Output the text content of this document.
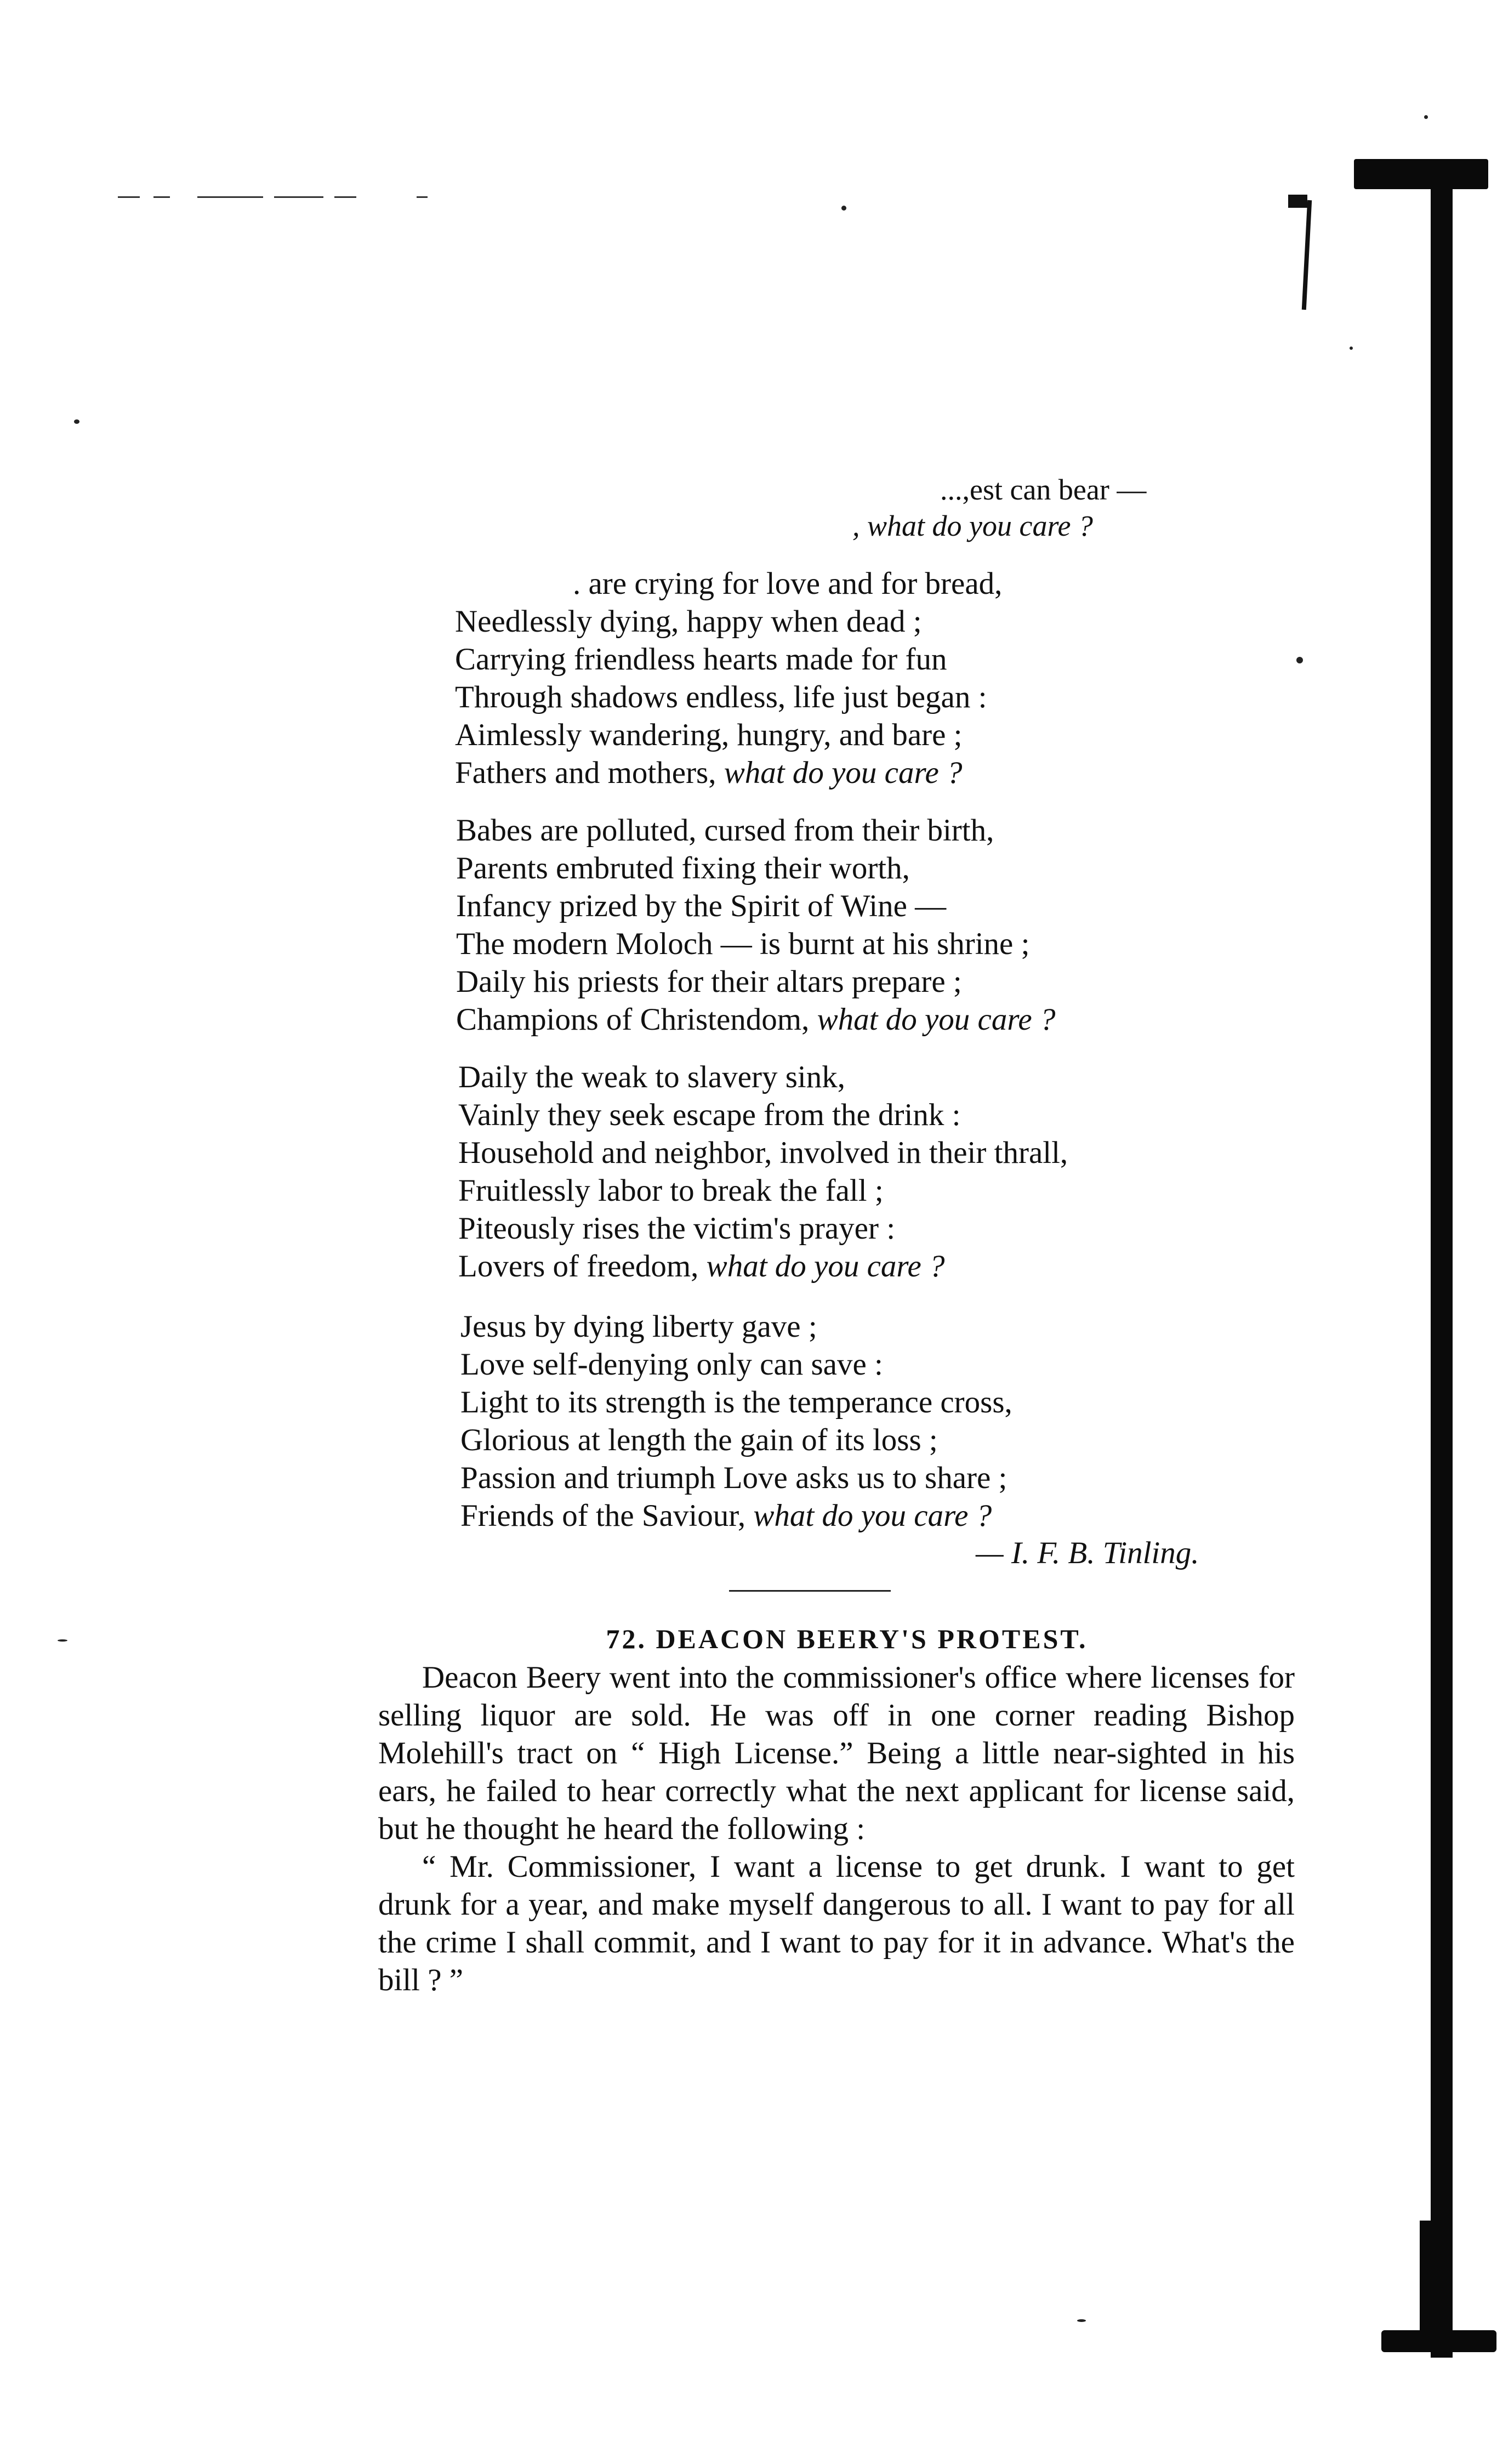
...,est can bear —
, what do you care ?
. are crying for love and for bread,
Needlessly dying, happy when dead ;
Carrying friendless hearts made for fun
Through shadows endless, life just began :
Aimlessly wandering, hungry, and bare ;
Fathers and mothers, what do you care ?
Babes are polluted, cursed from their birth,
Parents embruted fixing their worth,
Infancy prized by the Spirit of Wine —
The modern Moloch — is burnt at his shrine ;
Daily his priests for their altars prepare ;
Champions of Christendom, what do you care ?
Daily the weak to slavery sink,
Vainly they seek escape from the drink :
Household and neighbor, involved in their thrall,
Fruitlessly labor to break the fall ;
Piteously rises the victim's prayer :
Lovers of freedom, what do you care ?
Jesus by dying liberty gave ;
Love self-denying only can save :
Light to its strength is the temperance cross,
Glorious at length the gain of its loss ;
Passion and triumph Love asks us to share ;
Friends of the Saviour, what do you care ?
— I. F. B. Tinling.
72. DEACON BEERY'S PROTEST.

Deacon Beery went into the commissioner's office where licenses for selling liquor are sold. He was off in one corner reading Bishop Molehill's tract on “ High License.” Being a little near-sighted in his ears, he failed to hear correctly what the next applicant for license said, but he thought he heard the following :

“ Mr. Commissioner, I want a license to get drunk. I want to get drunk for a year, and make myself dangerous to all. I want to pay for all the crime I shall commit, and I want to pay for it in advance. What's the bill ? ”
